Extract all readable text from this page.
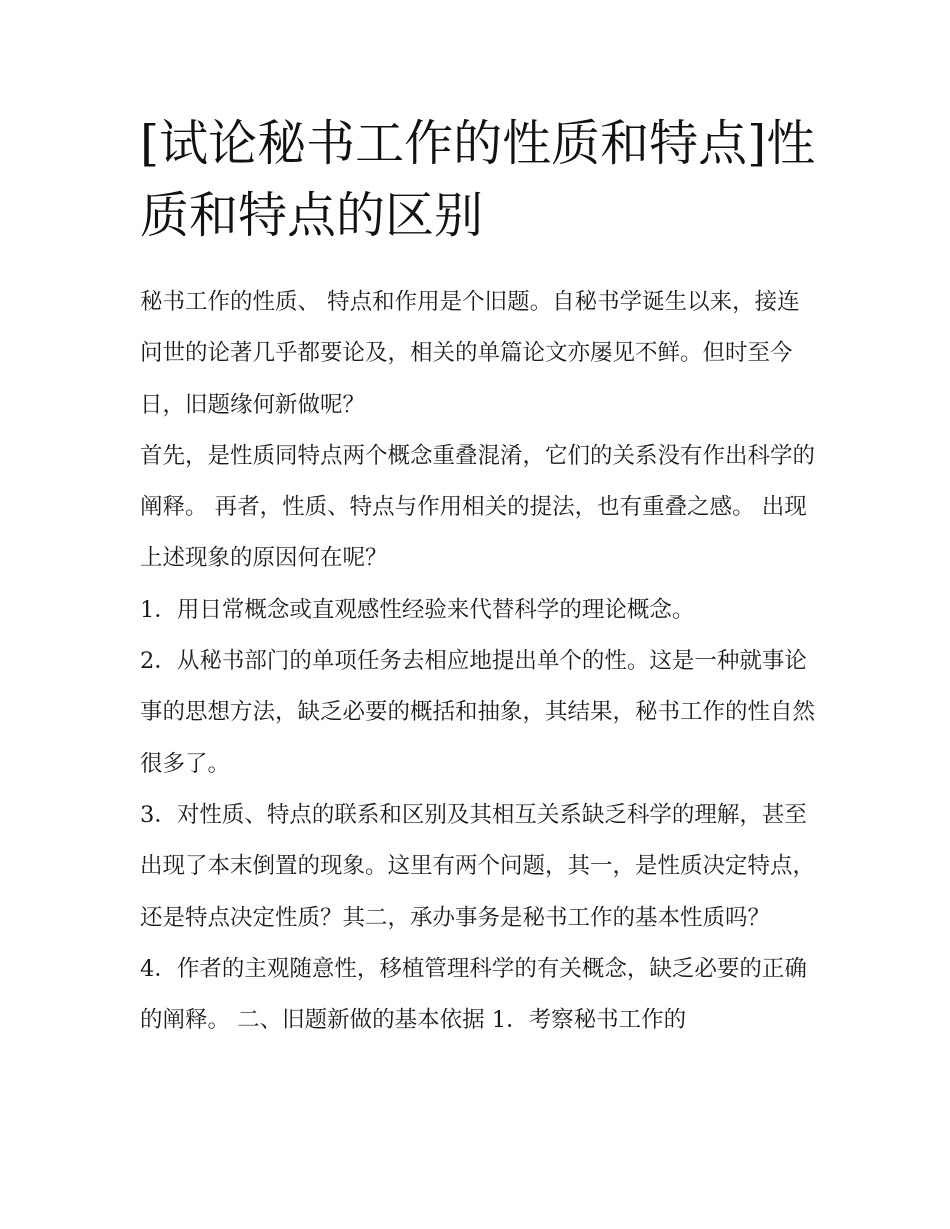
[试论秘书工作的性质和特点]性质和特点的区别

秘书工作的性质、 特点和作用是个旧题。自秘书学诞生以来，接连问世的论著几乎都要论及，相关的单篇论文亦屡见不鲜。但时至今日，旧题缘何新做呢？

首先，是性质同特点两个概念重叠混淆，它们的关系没有作出科学的阐释。 再者，性质、特点与作用相关的提法，也有重叠之感。 出现上述现象的原因何在呢？

1．用日常概念或直观感性经验来代替科学的理论概念。

2．从秘书部门的单项任务去相应地提出单个的性。这是一种就事论事的思想方法，缺乏必要的概括和抽象，其结果，秘书工作的性自然很多了。

3．对性质、特点的联系和区别及其相互关系缺乏科学的理解，甚至出现了本末倒置的现象。这里有两个问题，其一，是性质决定特点，还是特点决定性质？其二，承办事务是秘书工作的基本性质吗？

4．作者的主观随意性，移植管理科学的有关概念，缺乏必要的正确的阐释。 二、旧题新做的基本依据 1．考察秘书工作的
